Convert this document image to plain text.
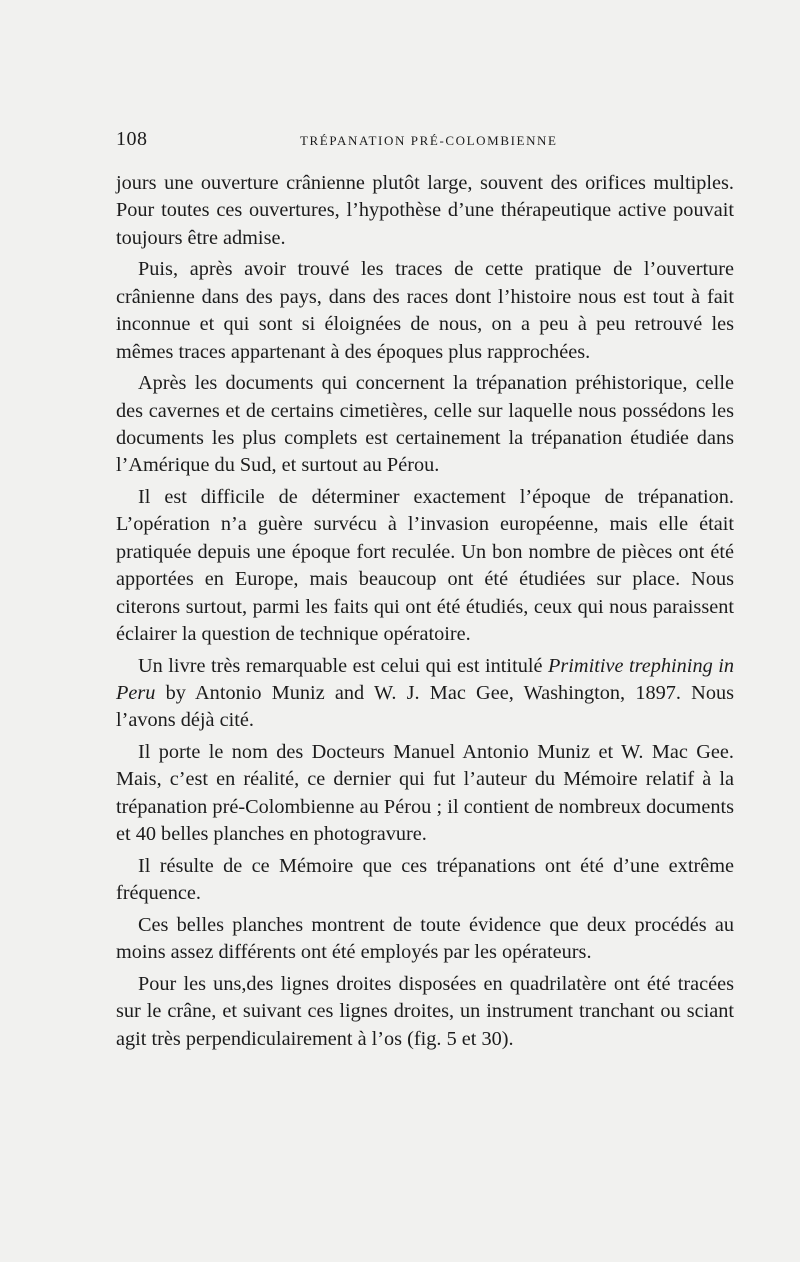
108	TRÉPANATION PRÉ-COLOMBIENNE

jours une ouverture crânienne plutôt large, souvent des orifices multiples. Pour toutes ces ouvertures, l’hypothèse d’une thérapeutique active pouvait toujours être admise.

Puis, après avoir trouvé les traces de cette pratique de l’ouverture crânienne dans des pays, dans des races dont l’histoire nous est tout à fait inconnue et qui sont si éloignées de nous, on a peu à peu retrouvé les mêmes traces appartenant à des époques plus rapprochées.

Après les documents qui concernent la trépanation préhistorique, celle des cavernes et de certains cimetières, celle sur laquelle nous possédons les documents les plus complets est certainement la trépanation étudiée dans l’Amérique du Sud, et surtout au Pérou.

Il est difficile de déterminer exactement l’époque de trépanation. L’opération n’a guère survécu à l’invasion européenne, mais elle était pratiquée depuis une époque fort reculée. Un bon nombre de pièces ont été apportées en Europe, mais beaucoup ont été étudiées sur place. Nous citerons surtout, parmi les faits qui ont été étudiés, ceux qui nous paraissent éclairer la question de technique opératoire.

Un livre très remarquable est celui qui est intitulé Primitive trephining in Peru by Antonio Muniz and W. J. Mac Gee, Washington, 1897. Nous l’avons déjà cité.

Il porte le nom des Docteurs Manuel Antonio Muniz et W. Mac Gee. Mais, c’est en réalité, ce dernier qui fut l’auteur du Mémoire relatif à la trépanation pré-Colombienne au Pérou ; il contient de nombreux documents et 40 belles planches en photogravure.

Il résulte de ce Mémoire que ces trépanations ont été d’une extrême fréquence.

Ces belles planches montrent de toute évidence que deux procédés au moins assez différents ont été employés par les opérateurs.

Pour les uns,des lignes droites disposées en quadrilatère ont été tracées sur le crâne, et suivant ces lignes droites, un instrument tranchant ou sciant agit très perpendiculairement à l’os (fig. 5 et 30).
